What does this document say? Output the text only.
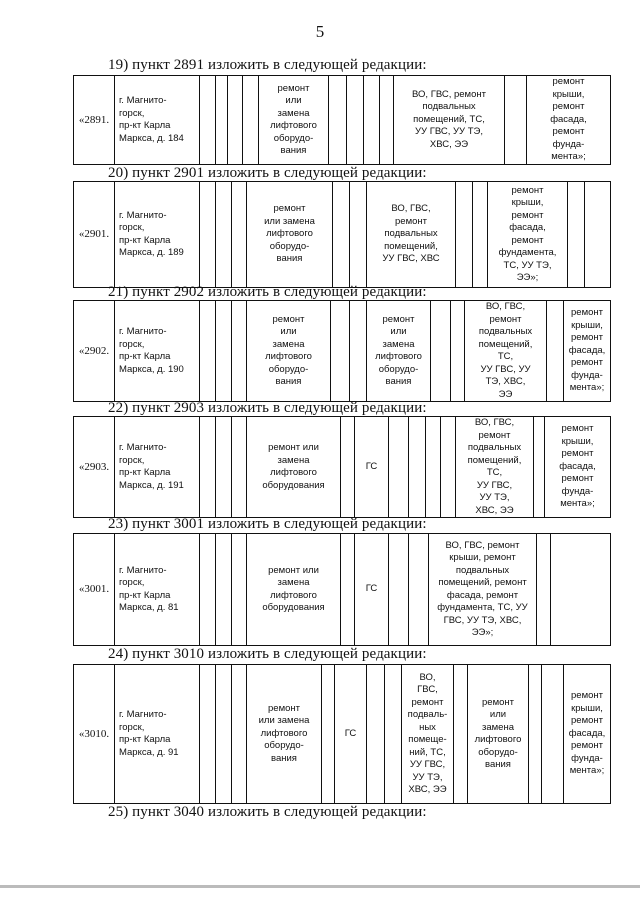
5
19) пункт 2891 изложить в следующей редакции:
«2891.	г. Магнито-
горск,
пр-кт Карла
Маркса, д. 184					ремонт
или
замена
лифтового
оборудо-
вания					ВО, ГВС, ремонт
подвальных
помещений, ТС,
УУ ГВС, УУ ТЭ,
ХВС, ЭЭ		ремонт
крыши,
ремонт
фасада,
ремонт
фунда-
мента»;
20) пункт 2901 изложить в следующей редакции:
«2901.	г. Магнито-
горск,
пр-кт Карла
Маркса, д. 189				ремонт
или замена
лифтового
оборудо-
вания			ВО, ГВС,
ремонт
подвальных
помещений,
УУ ГВС, ХВС			ремонт
крыши,
ремонт
фасада,
ремонт
фундамента,
ТС, УУ ТЭ,
ЭЭ»;		
21) пункт 2902 изложить в следующей редакции:
«2902.	г. Магнито-
горск,
пр-кт Карла
Маркса, д. 190				ремонт
или
замена
лифтового
оборудо-
вания			ремонт
или
замена
лифтового
оборудо-
вания			ВО, ГВС,
ремонт
подвальных
помещений,
ТС,
УУ ГВС, УУ
ТЭ, ХВС,
ЭЭ		ремонт
крыши,
ремонт
фасада,
ремонт
фунда-
мента»;
22) пункт 2903 изложить в следующей редакции:
«2903.	г. Магнито-
горск,
пр-кт Карла
Маркса, д. 191				ремонт или
замена
лифтового
оборудования		ГС					ВО, ГВС,
ремонт
подвальных
помещений,
ТС,
УУ ГВС,
УУ ТЭ,
ХВС, ЭЭ		ремонт
крыши,
ремонт
фасада,
ремонт
фунда-
мента»;
23) пункт 3001 изложить в следующей редакции:
«3001.	г. Магнито-
горск,
пр-кт Карла
Маркса, д. 81				ремонт или
замена
лифтового
оборудования		ГС			ВО, ГВС, ремонт
крыши, ремонт
подвальных
помещений, ремонт
фасада, ремонт
фундамента, ТС, УУ
ГВС, УУ ТЭ, ХВС,
ЭЭ»;		
24) пункт 3010 изложить в следующей редакции:
«3010.	г. Магнито-
горск,
пр-кт Карла
Маркса, д. 91				ремонт
или замена
лифтового
оборудо-
вания		ГС			ВО,
ГВС,
ремонт
подваль-
ных
помеще-
ний, ТС,
УУ ГВС,
УУ ТЭ,
ХВС, ЭЭ		ремонт
или
замена
лифтового
оборудо-
вания			ремонт
крыши,
ремонт
фасада,
ремонт
фунда-
мента»;
25) пункт 3040 изложить в следующей редакции:
